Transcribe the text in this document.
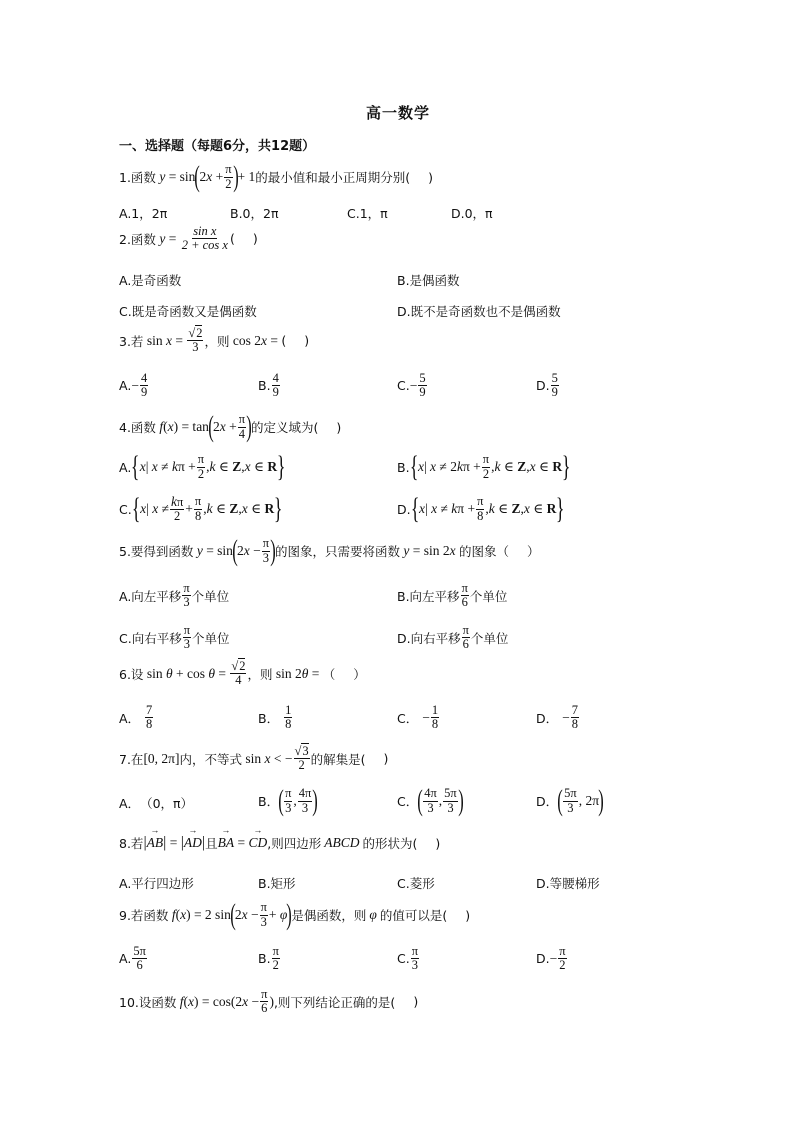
高一数学
一、选择题（每题6分，共12题）
1.函数 y = sin ( $2x + \frac{\pi}{2}$ ) + 1 的最小值和最小正周期分别( )
A.1，2π	B.0，2π	C.1，π	D.0，π
2.函数 $y = \frac{\text{sin x}}{\text{2 + cos x}}$ ( )
A.是奇函数	B.是偶函数
C.既是奇函数又是偶函数	D.既不是奇函数也不是偶函数
3.若 $\sin x = \frac{√2}{3}$ ，则 cos 2x = ( )
A. − $\frac{4}{9}$	B. $\frac{4}{9}$	C. − $\frac{5}{9}$	D. $\frac{5}{9}$
4.函数 f (x) = tan ( $2x + \frac{\pi}{4}$ ) 的定义域为( )
A. { x | $x \ne k\pi + \frac{\pi}{2} ,k$ ∈ Z,x ∈ R }	B. { x | $x \ne 2k\pi + \frac{\pi}{2} ,k$ ∈ Z,x ∈ R }
C. { x | $x \ne \frac{k\pi}{2} + \frac{\pi}{8} ,k$ ∈ Z,x ∈ R }	D. { x | $x \ne k\pi + \frac{\pi}{8} ,k$ ∈ Z,x ∈ R }
5.要得到函数 y = sin ( $2x - \frac{\pi}{3}$ ) 的图象，只需要将函数 y = sin 2x 的图象（ ）
A.向左平移 $\frac{\pi}{3}$ 个单位	B.向左平移 $\frac{\pi}{6}$ 个单位
C.向右平移 $\frac{\pi}{3}$ 个单位	D.向右平移 $\frac{\pi}{6}$ 个单位
6.设 $\sin \theta + \cos \theta = \frac{√2}{4}$ ，则 sin 2θ = （ ）
A．
$\frac{7}{8}$	B．
$\frac{1}{8}$	C．
− $\frac{1}{8}$	D．
− $\frac{7}{8}$
7.在 [0, 2π] 内，不等式 sin x < − $\frac{√3}{2}$ 的解集是( )
A． （0，π）	B． ( $\frac{\pi}{3}$ , $\frac{4\pi}{3}$ )	C． ( $\frac{4\pi}{3}$ , $\frac{5\pi}{3}$ )	D． ( $\frac{5\pi}{3}$ , 2π )
8.若 |→ AB| = |→ AD| 且
→ BA = → CD ,则四边形 ABCD 的形状为( )
A.平行四边形	B.矩形	C.菱形	D.等腰梯形
9.若函数 f (x) = 2 sin ( $2x - \frac{\pi}{3} + \varphi$ ) 是偶函数，则 φ 的值可以是( )
A. $\frac{5\pi}{6}$	B. $\frac{\pi}{2}$	C. $\frac{\pi}{3}$	D. − $\frac{\pi}{2}$
10.设函数 f $(x) = \cos(2x - \frac{\pi}{6}$ ) ,则下列结论正确的是( )
